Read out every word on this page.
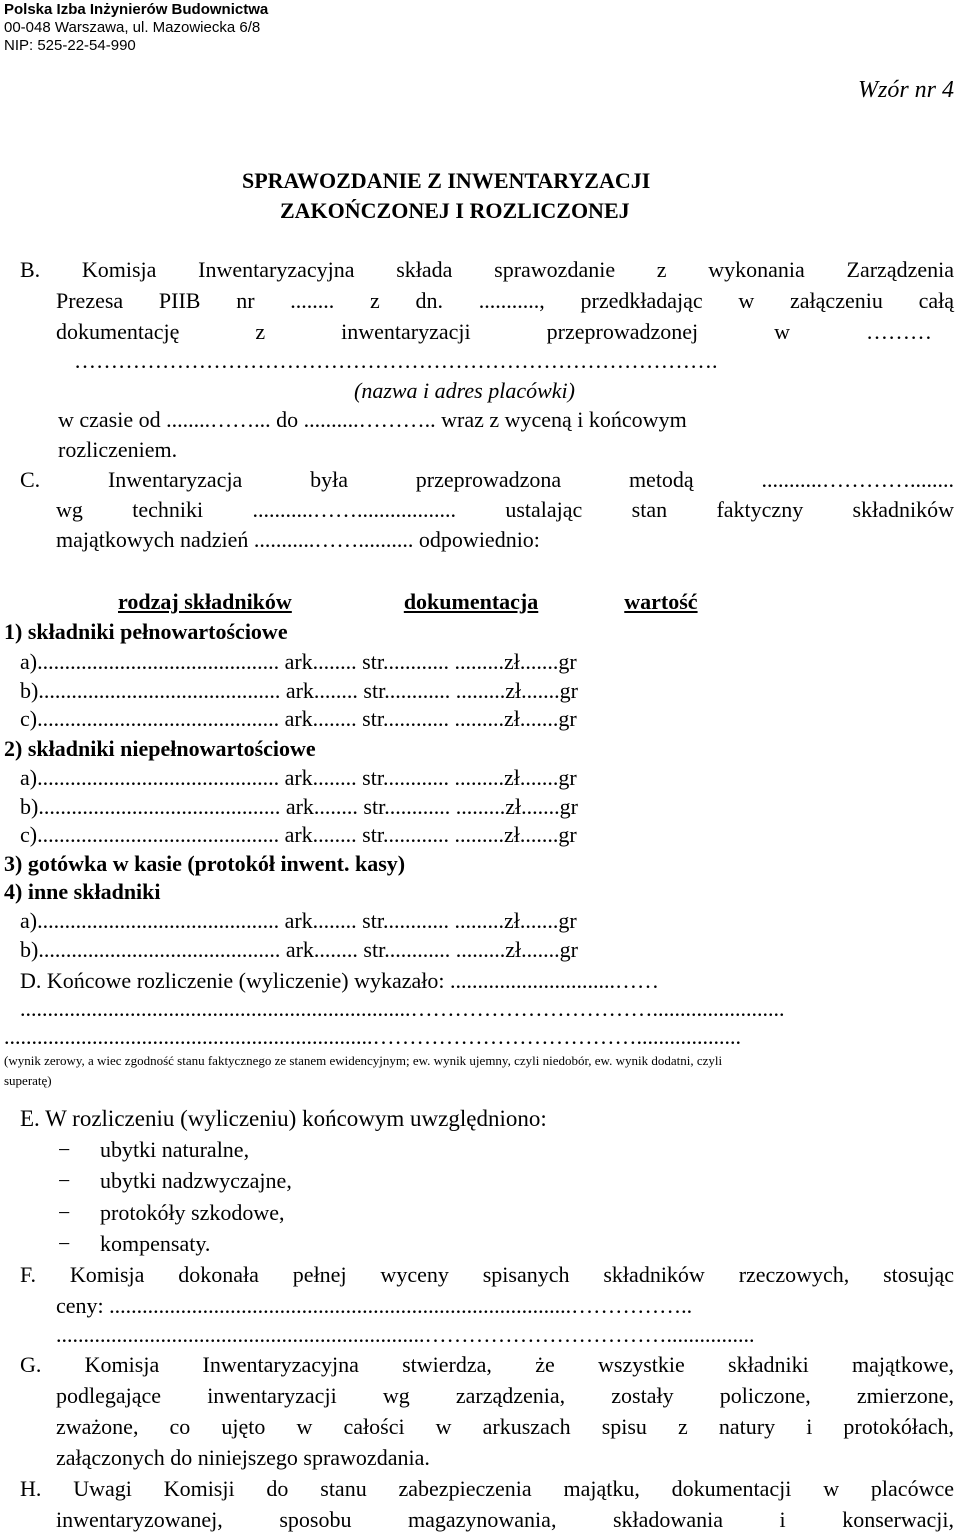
Polska Izba Inżynierów Budownictwa
00-048 Warszawa, ul. Mazowiecka 6/8
NIP: 525-22-54-990
Wzór nr 4
SPRAWOZDANIE Z INWENTARYZACJI
ZAKOŃCZONEJ I ROZLICZONEJ
B. Komisja Inwentaryzacyjna składa sprawozdanie z wykonania Zarządzenia
Prezesa PIIB nr ........ z dn. ..........., przedkładając w załączeniu całą
dokumentację z inwentaryzacji przeprowadzonej w ………
…………………………………………………………………………….
(nazwa i adres placówki)
w czasie od ........……... do ..........……….. wraz z wyceną i końcowym
rozliczeniem.
C. Inwentaryzacja była przeprowadzona metodą ...........…………........
wg techniki ...........…….................. ustalając stan faktyczny składników
majątkowych nadzień ...........…….......... odpowiednio:
rodzaj składników	dokumentacja	wartość
1) składniki pełnowartościowe
a)............................................ ark........ str............ .........zł.......gr
b)............................................ ark........ str............ .........zł.......gr
c)............................................ ark........ str............ .........zł.......gr
2) składniki niepełnowartościowe
a)............................................ ark........ str............ .........zł.......gr
b)............................................ ark........ str............ .........zł.......gr
c)............................................ ark........ str............ .........zł.......gr
3) gotówka w kasie (protokół inwent. kasy)
4) inne składniki
a)............................................ ark........ str............ .........zł.......gr
b)............................................ ark........ str............ .........zł.......gr
D. Końcowe rozliczenie (wyliczenie) wykazało: ..............................……
.......................................................................……………………………........................
...................................................................………………………………...................
(wynik zerowy, a wiec zgodność stanu faktycznego ze stanem ewidencyjnym; ew. wynik ujemny, czyli niedobór, ew. wynik dodatni, czyli
superatę)
E. W rozliczeniu (wyliczeniu) końcowym uwzględniono:
− ubytki naturalne,
− ubytki nadzwyczajne,
− protokóły szkodowe,
− kompensaty.
F. Komisja dokonała pełnej wyceny spisanych składników rzeczowych, stosując
ceny: ....................................................................................……………..
...................................................................……………………………................
G. Komisja Inwentaryzacyjna stwierdza, że wszystkie składniki majątkowe,
podlegające inwentaryzacji wg zarządzenia, zostały policzone, zmierzone,
zważone, co ujęto w całości w arkuszach spisu z natury i protokółach,
załączonych do niniejszego sprawozdania.
H. Uwagi Komisji do stanu zabezpieczenia majątku, dokumentacji w placówce
inwentaryzowanej, sposobu magazynowania, składowania i konserwacji,
